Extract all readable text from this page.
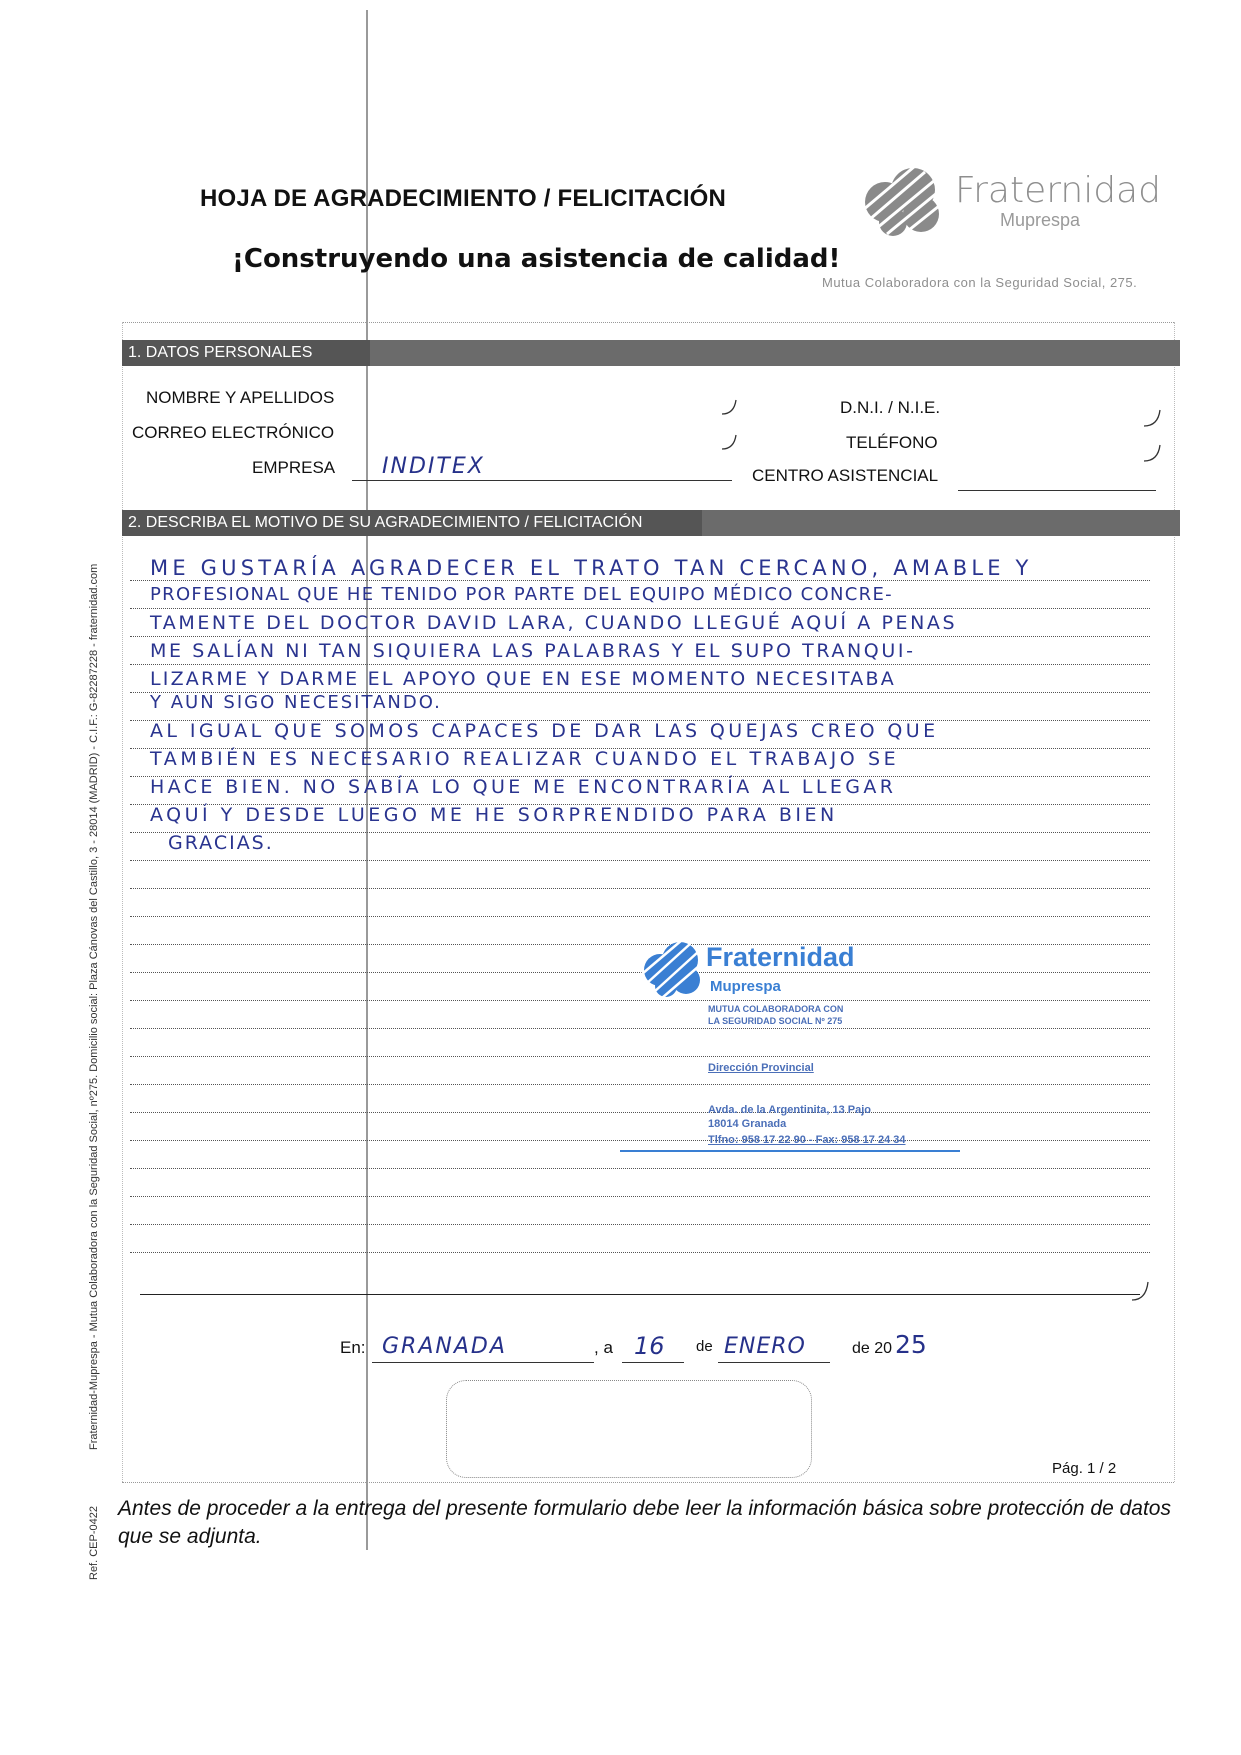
HOJA DE AGRADECIMIENTO / FELICITACIÓN
¡Construyendo una asistencia de calidad!
Fraternidad
Muprespa
Mutua Colaboradora con la Seguridad Social, 275.
1. DATOS PERSONALES
NOMBRE Y APELLIDOS
CORREO ELECTRÓNICO
EMPRESA INDITEX
D.N.I. / N.I.E.
TELÉFONO
CENTRO ASISTENCIAL
2. DESCRIBA EL MOTIVO DE SU AGRADECIMIENTO / FELICITACIÓN
ME GUSTARÍA AGRADECER EL TRATO TAN CERCANO, AMABLE Y
PROFESIONAL QUE HE TENIDO POR PARTE DEL EQUIPO MÉDICO CONCRE-
TAMENTE DEL DOCTOR DAVID LARA, CUANDO LLEGUÉ AQUÍ A PENAS
ME SALÍAN NI TAN SIQUIERA LAS PALABRAS Y EL SUPO TRANQUI-
LIZARME Y DARME EL APOYO QUE EN ESE MOMENTO NECESITABA
Y AUN SIGO NECESITANDO.
AL IGUAL QUE SOMOS CAPACES DE DAR LAS QUEJAS CREO QUE
TAMBIÉN ES NECESARIO REALIZAR CUANDO EL TRABAJO SE
HACE BIEN. NO SABÍA LO QUE ME ENCONTRARÍA AL LLEGAR
AQUÍ Y DESDE LUEGO ME HE SORPRENDIDO PARA BIEN
GRACIAS.
Fraternidad
Muprespa
MUTUA COLABORADORA CON
LA SEGURIDAD SOCIAL Nº 275
Dirección Provincial
Avda. de la Argentinita, 13 Pajo
18014 Granada
Tlfno: 958 17 22 90 - Fax: 958 17 24 34
En: GRANADA	, a 16 de ENERO	de 20 25
Pág. 1 / 2
Antes de proceder a la entrega del presente formulario debe leer la información básica sobre protección de datos que se adjunta.
Fraternidad-Muprespa - Mutua Colaboradora con la Seguridad Social, nº275. Domicilio social: Plaza Cánovas del Castillo, 3 - 28014 (MADRID) - C.I.F.: G-82287228 - fraternidad.com
Ref. CEP-0422
